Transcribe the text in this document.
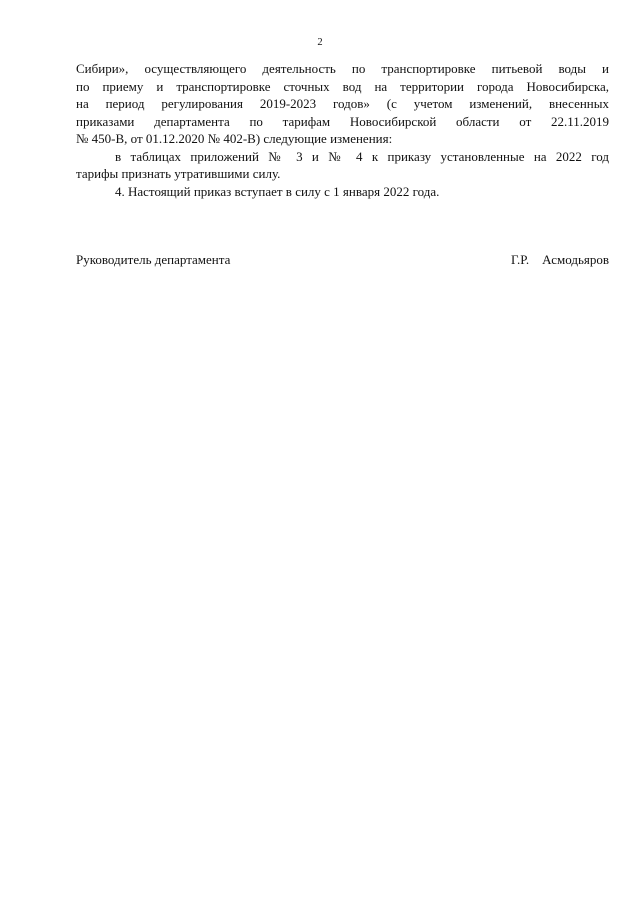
2
Сибири», осуществляющего деятельность по транспортировке питьевой воды и
по приему и транспортировке сточных вод на территории города Новосибирска,
на период регулирования 2019-2023 годов» (с учетом изменений, внесенных
приказами департамента по тарифам Новосибирской области от 22.11.2019
№ 450-В, от 01.12.2020 № 402-В) следующие изменения:
в таблицах приложений № 3 и № 4 к приказу установленные на 2022 год
тарифы признать утратившими силу.
4. Настоящий приказ вступает в силу с 1 января 2022 года.
Руководитель департамента	Г.Р. Асмодьяров
